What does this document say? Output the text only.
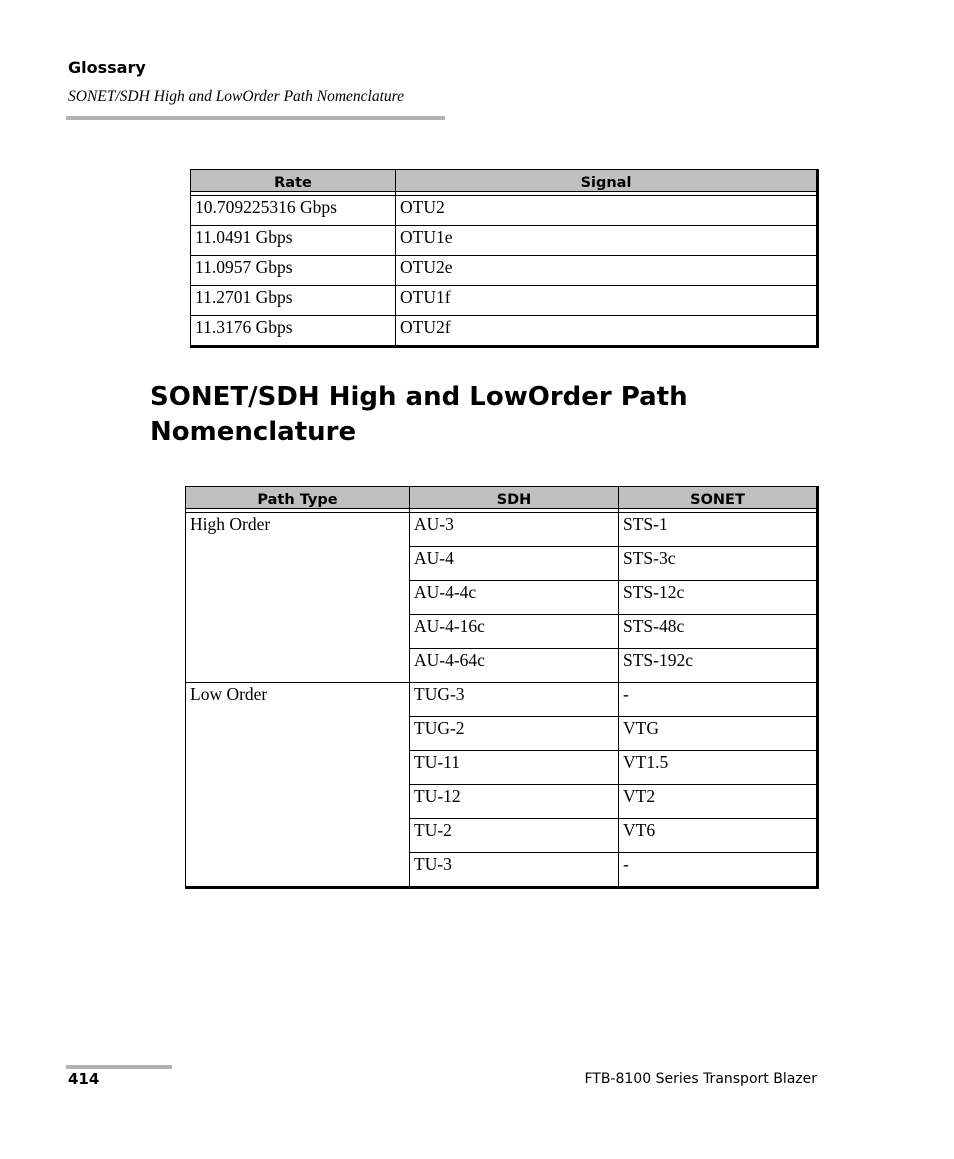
Glossary
SONET/SDH High and LowOrder Path Nomenclature
Rate	Signal
10.709225316 Gbps	OTU2
11.0491 Gbps	OTU1e
11.0957 Gbps	OTU2e
11.2701 Gbps	OTU1f
11.3176 Gbps	OTU2f
SONET/SDH High and LowOrder Path Nomenclature
Path Type	SDH	SONET
High Order	AU-3	STS-1
	AU-4	STS-3c
	AU-4-4c	STS-12c
	AU-4-16c	STS-48c
	AU-4-64c	STS-192c
Low Order	TUG-3	-
	TUG-2	VTG
	TU-11	VT1.5
	TU-12	VT2
	TU-2	VT6
	TU-3	-
414	FTB-8100 Series Transport Blazer
